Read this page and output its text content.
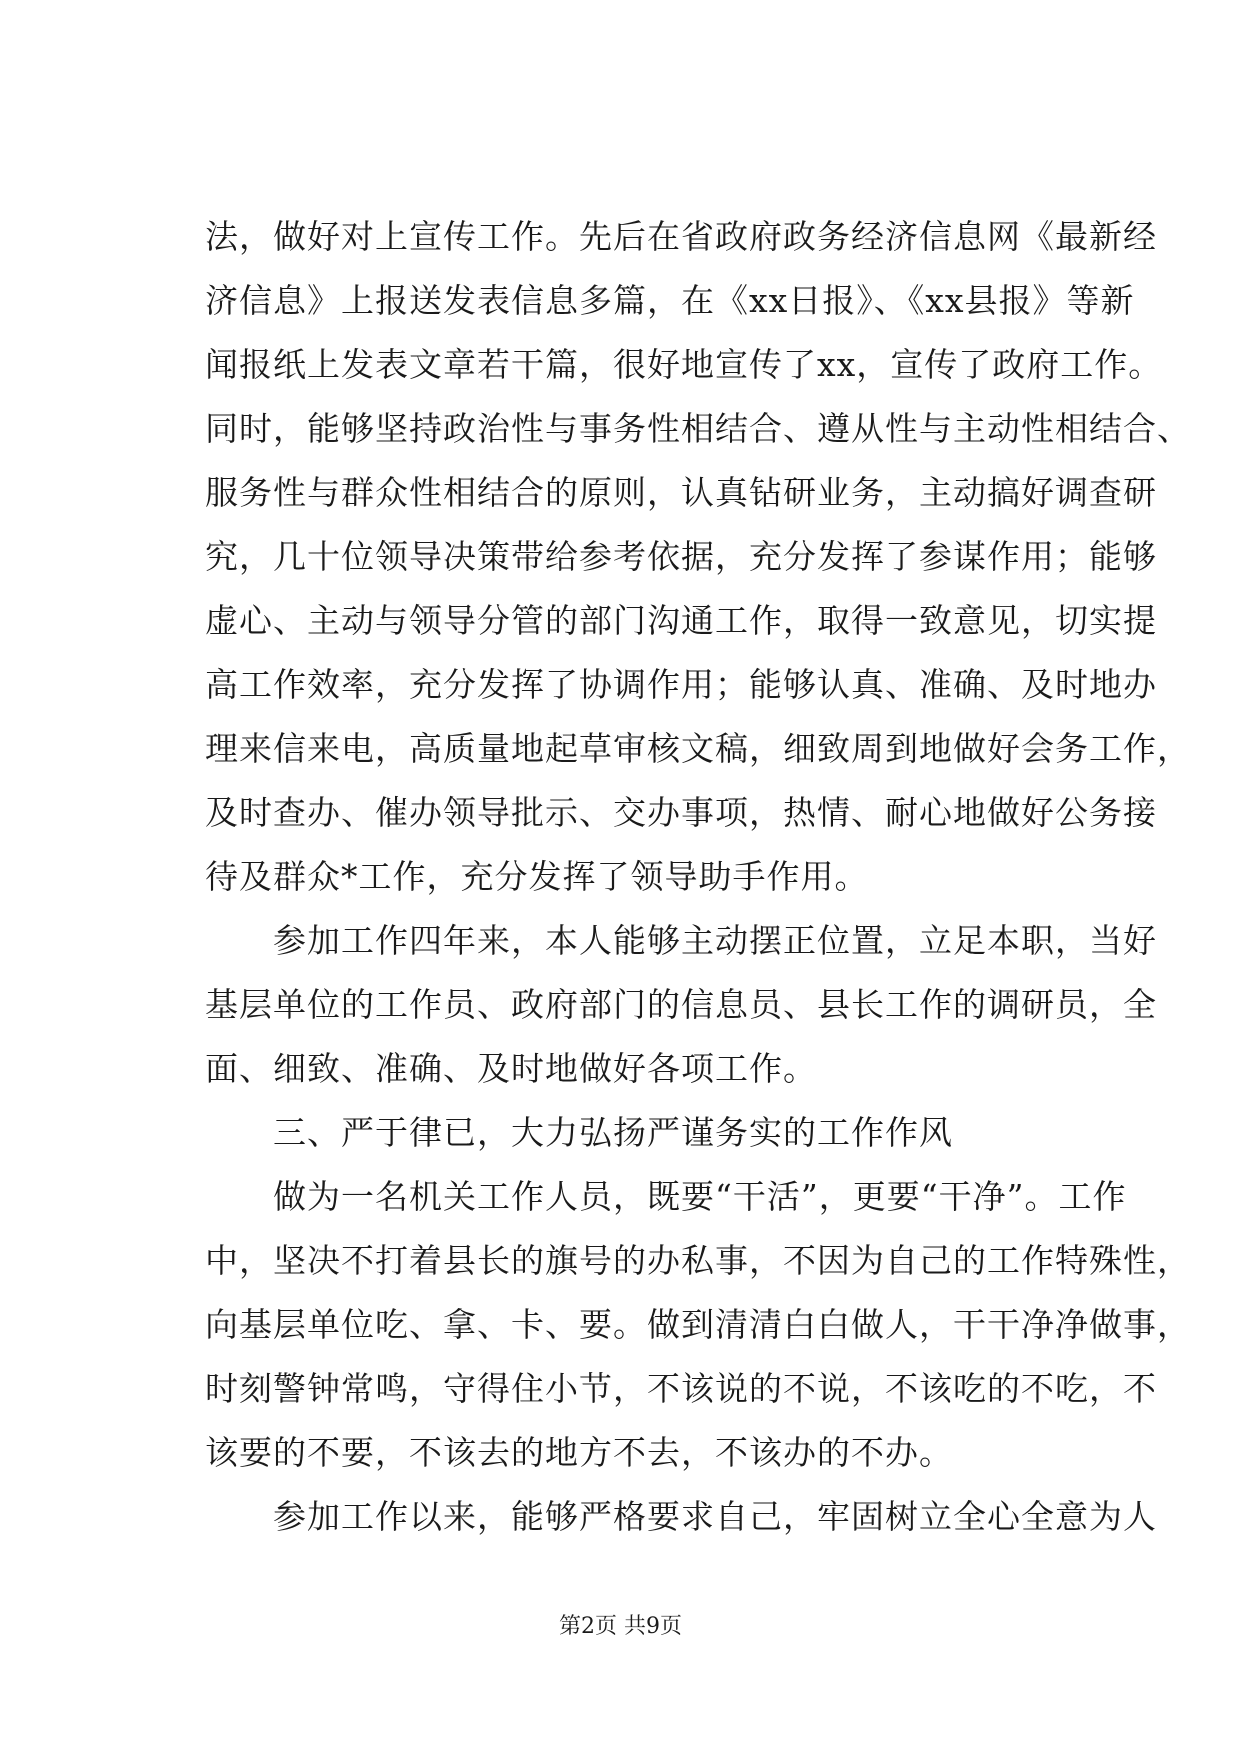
法，做好对上宣传工作。先后在省政府政务经济信息网《最新经
济信息》上报送发表信息多篇，在《xx日报》、《xx县报》等新
闻报纸上发表文章若干篇，很好地宣传了xx，宣传了政府工作。
同时，能够坚持政治性与事务性相结合、遵从性与主动性相结合、
服务性与群众性相结合的原则，认真钻研业务，主动搞好调查研
究，几十位领导决策带给参考依据，充分发挥了参谋作用；能够
虚心、主动与领导分管的部门沟通工作，取得一致意见，切实提
高工作效率，充分发挥了协调作用；能够认真、准确、及时地办
理来信来电，高质量地起草审核文稿，细致周到地做好会务工作，
及时查办、催办领导批示、交办事项，热情、耐心地做好公务接
待及群众*工作，充分发挥了领导助手作用。
　　参加工作四年来，本人能够主动摆正位置，立足本职，当好
基层单位的工作员、政府部门的信息员、县长工作的调研员，全
面、细致、准确、及时地做好各项工作。
　　三、严于律已，大力弘扬严谨务实的工作作风
　　做为一名机关工作人员，既要“干活”，更要“干净”。工作
中，坚决不打着县长的旗号的办私事，不因为自己的工作特殊性，
向基层单位吃、拿、卡、要。做到清清白白做人，干干净净做事，
时刻警钟常鸣，守得住小节，不该说的不说，不该吃的不吃，不
该要的不要，不该去的地方不去，不该办的不办。
　　参加工作以来，能够严格要求自己，牢固树立全心全意为人
第2页 共9页
